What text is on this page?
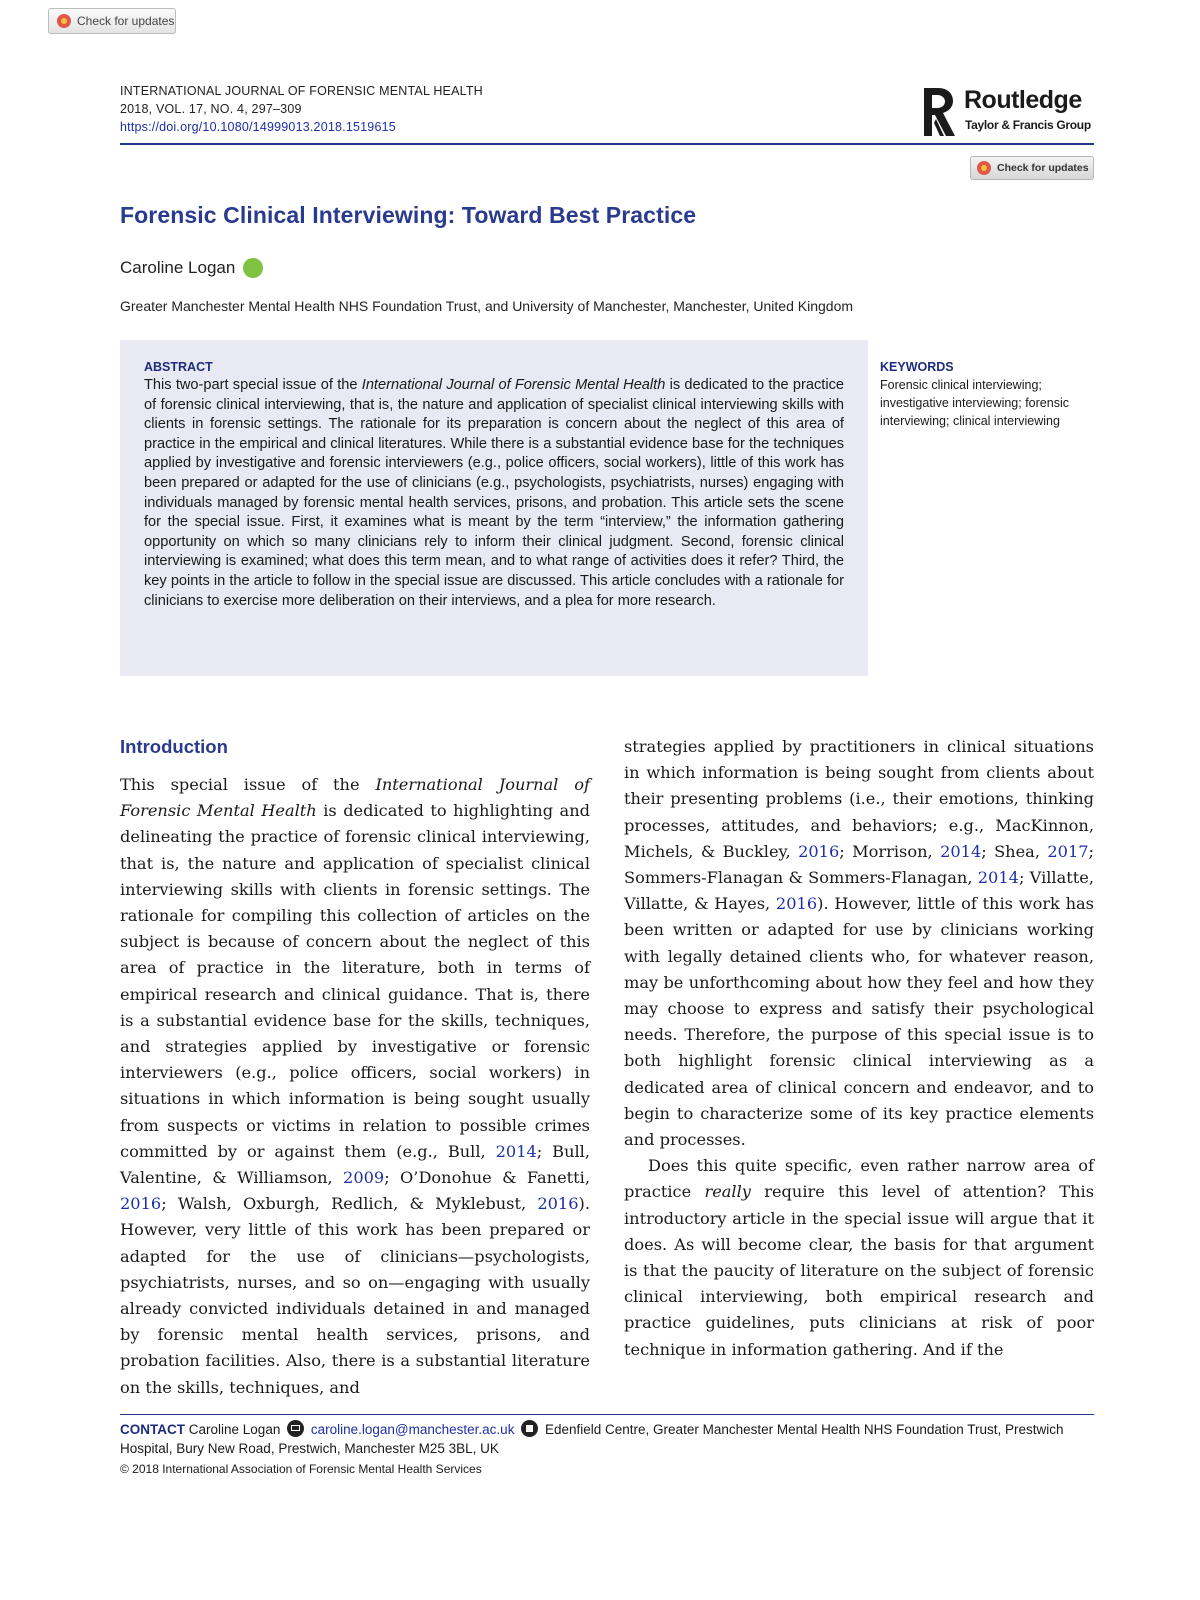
Check for updates
INTERNATIONAL JOURNAL OF FORENSIC MENTAL HEALTH
2018, VOL. 17, NO. 4, 297–309
https://doi.org/10.1080/14999013.2018.1519615
Routledge
Taylor & Francis Group
Check for updates
Forensic Clinical Interviewing: Toward Best Practice
Caroline Logan
Greater Manchester Mental Health NHS Foundation Trust, and University of Manchester, Manchester, United Kingdom
ABSTRACT
This two-part special issue of the International Journal of Forensic Mental Health is dedicated to the practice of forensic clinical interviewing, that is, the nature and application of specialist clinical interviewing skills with clients in forensic settings. The rationale for its preparation is concern about the neglect of this area of practice in the empirical and clinical literatures. While there is a substantial evidence base for the techniques applied by investigative and forensic interviewers (e.g., police officers, social workers), little of this work has been prepared or adapted for the use of clinicians (e.g., psychologists, psychiatrists, nurses) engaging with individuals managed by forensic mental health services, prisons, and probation. This article sets the scene for the special issue. First, it examines what is meant by the term “interview,” the information gathering opportunity on which so many clinicians rely to inform their clinical judgment. Second, forensic clinical interviewing is examined; what does this term mean, and to what range of activities does it refer? Third, the key points in the article to follow in the special issue are discussed. This article concludes with a rationale for clinicians to exercise more deliberation on their interviews, and a plea for more research.
KEYWORDS
Forensic clinical interviewing; investigative interviewing; forensic interviewing; clinical interviewing
Introduction

This special issue of the International Journal of Forensic Mental Health is dedicated to highlighting and delineating the practice of forensic clinical interviewing, that is, the nature and application of specialist clinical interviewing skills with clients in forensic settings. The rationale for compiling this collection of articles on the subject is because of concern about the neglect of this area of practice in the literature, both in terms of empirical research and clinical guidance. That is, there is a substantial evidence base for the skills, techniques, and strategies applied by investigative or forensic interviewers (e.g., police officers, social workers) in situations in which information is being sought usually from suspects or victims in relation to possible crimes committed by or against them (e.g., Bull, 2014; Bull, Valentine, & Williamson, 2009; O’Donohue & Fanetti, 2016; Walsh, Oxburgh, Redlich, & Myklebust, 2016). However, very little of this work has been prepared or adapted for the use of clinicians—psychologists, psychiatrists, nurses, and so on—engaging with usually already convicted individuals detained in and managed by forensic mental health services, prisons, and probation facilities. Also, there is a substantial literature on the skills, techniques, and

strategies applied by practitioners in clinical situations in which information is being sought from clients about their presenting problems (i.e., their emotions, thinking processes, attitudes, and behaviors; e.g., MacKinnon, Michels, & Buckley, 2016; Morrison, 2014; Shea, 2017; Sommers-Flanagan & Sommers-Flanagan, 2014; Villatte, Villatte, & Hayes, 2016). However, little of this work has been written or adapted for use by clinicians working with legally detained clients who, for whatever reason, may be unforthcoming about how they feel and how they may choose to express and satisfy their psychological needs. Therefore, the purpose of this special issue is to both highlight forensic clinical interviewing as a dedicated area of clinical concern and endeavor, and to begin to characterize some of its key practice elements and processes.

Does this quite specific, even rather narrow area of practice really require this level of attention? This introductory article in the special issue will argue that it does. As will become clear, the basis for that argument is that the paucity of literature on the subject of forensic clinical interviewing, both empirical research and practice guidelines, puts clinicians at risk of poor technique in information gathering. And if the

CONTACT Caroline Logan caroline.logan@manchester.ac.uk Edenfield Centre, Greater Manchester Mental Health NHS Foundation Trust, Prestwich Hospital, Bury New Road, Prestwich, Manchester M25 3BL, UK
© 2018 International Association of Forensic Mental Health Services
